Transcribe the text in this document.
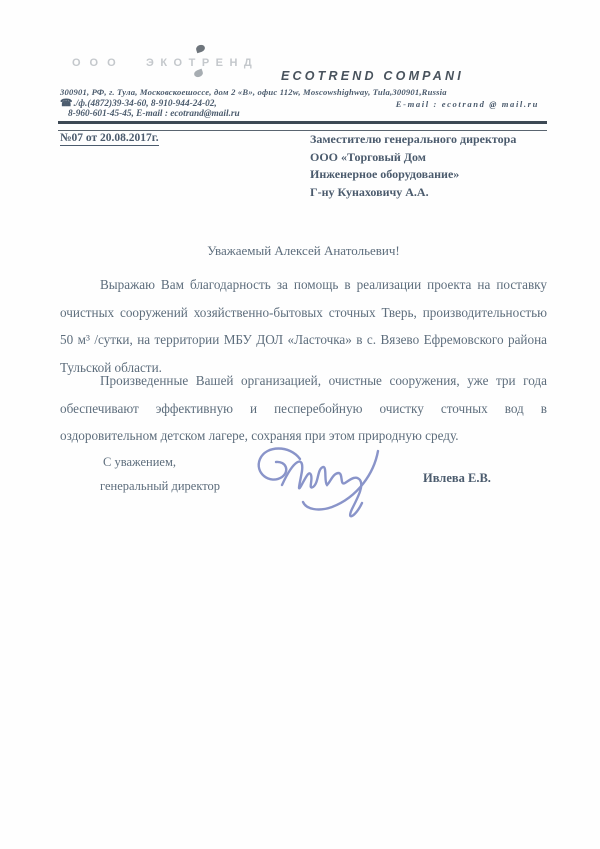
ООО ЭКОТРЕНД
ECOTREND COMPANI
300901, РФ, г. Тула, Московскоешоссе, дом 2 «В», офис 112w, Moscowshighway, Tula,300901,Russia
☎./ф.(4872)39-34-60, 8-910-944-24-02,	E-mail : ecotrand @ mail.ru
8-960-601-45-45, E-mail : ecotrand@mail.ru
№07 от 20.08.2017г.	Заместителю генерального директора
ООО «Торговый Дом
Инженерное оборудование»
Г-ну Кунаховичу А.А.
Уважаемый Алексей Анатольевич!
Выражаю Вам благодарность за помощь в реализации проекта на поставку очистных сооружений хозяйственно-бытовых сточных Тверь, производительностью 50 м³ /сутки, на территории МБУ ДОЛ «Ласточка» в с. Вязево Ефремовского района Тульской области.
Произведенные Вашей организацией, очистные сооружения, уже три года обеспечивают эффективную и песперебойную очистку сточных вод в оздоровительном детском лагере, сохраняя при этом природную среду.
С уважением,
генеральный директор
Ивлева Е.В.
